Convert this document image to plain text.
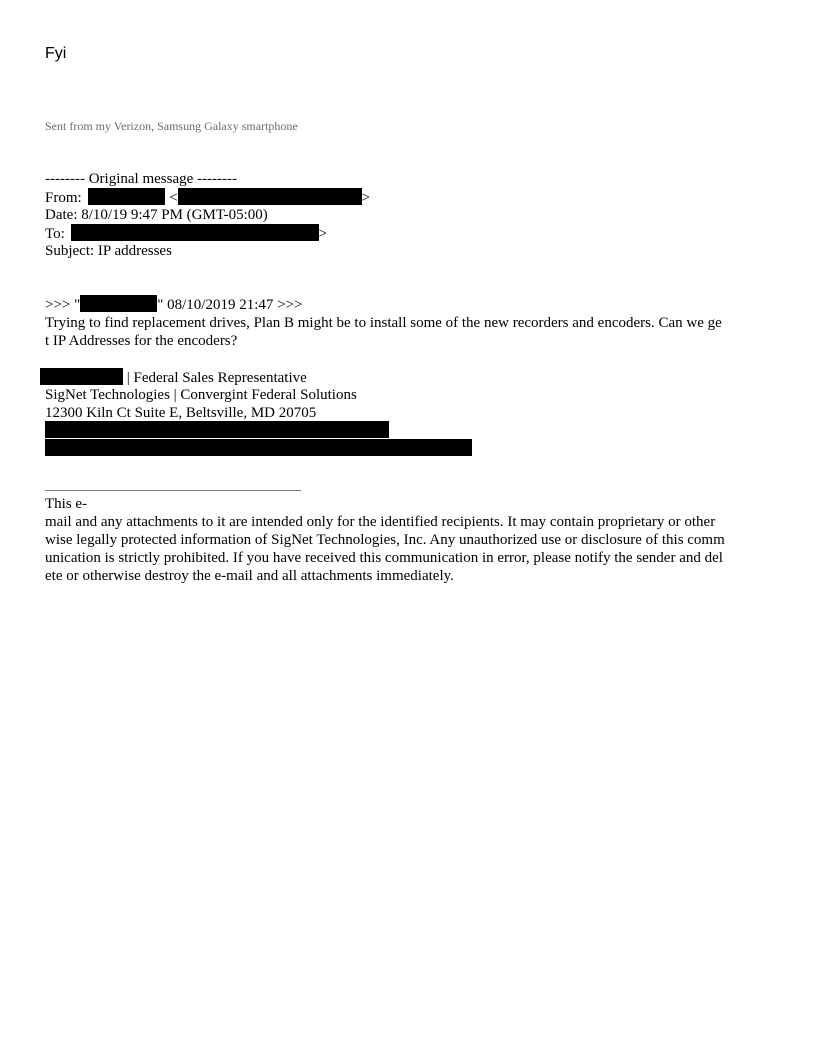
Fyi
Sent from my Verizon, Samsung Galaxy smartphone
-------- Original message --------
From:	<	>
Date: 8/10/19 9:47 PM (GMT-05:00)
To:	>
Subject: IP addresses
>>> "	" 08/10/2019 21:47 >>>
Trying to find replacement drives, Plan B might be to install some of the new recorders and encoders. Can we ge
t IP Addresses for the encoders?
| Federal Sales Representative
SigNet Technologies | Convergint Federal Solutions
12300 Kiln Ct Suite E, Beltsville, MD 20705
This e-
mail and any attachments to it are intended only for the identified recipients. It may contain proprietary or other
wise legally protected information of SigNet Technologies, Inc. Any unauthorized use or disclosure of this comm
unication is strictly prohibited. If you have received this communication in error, please notify the sender and del
ete or otherwise destroy the e-mail and all attachments immediately.
